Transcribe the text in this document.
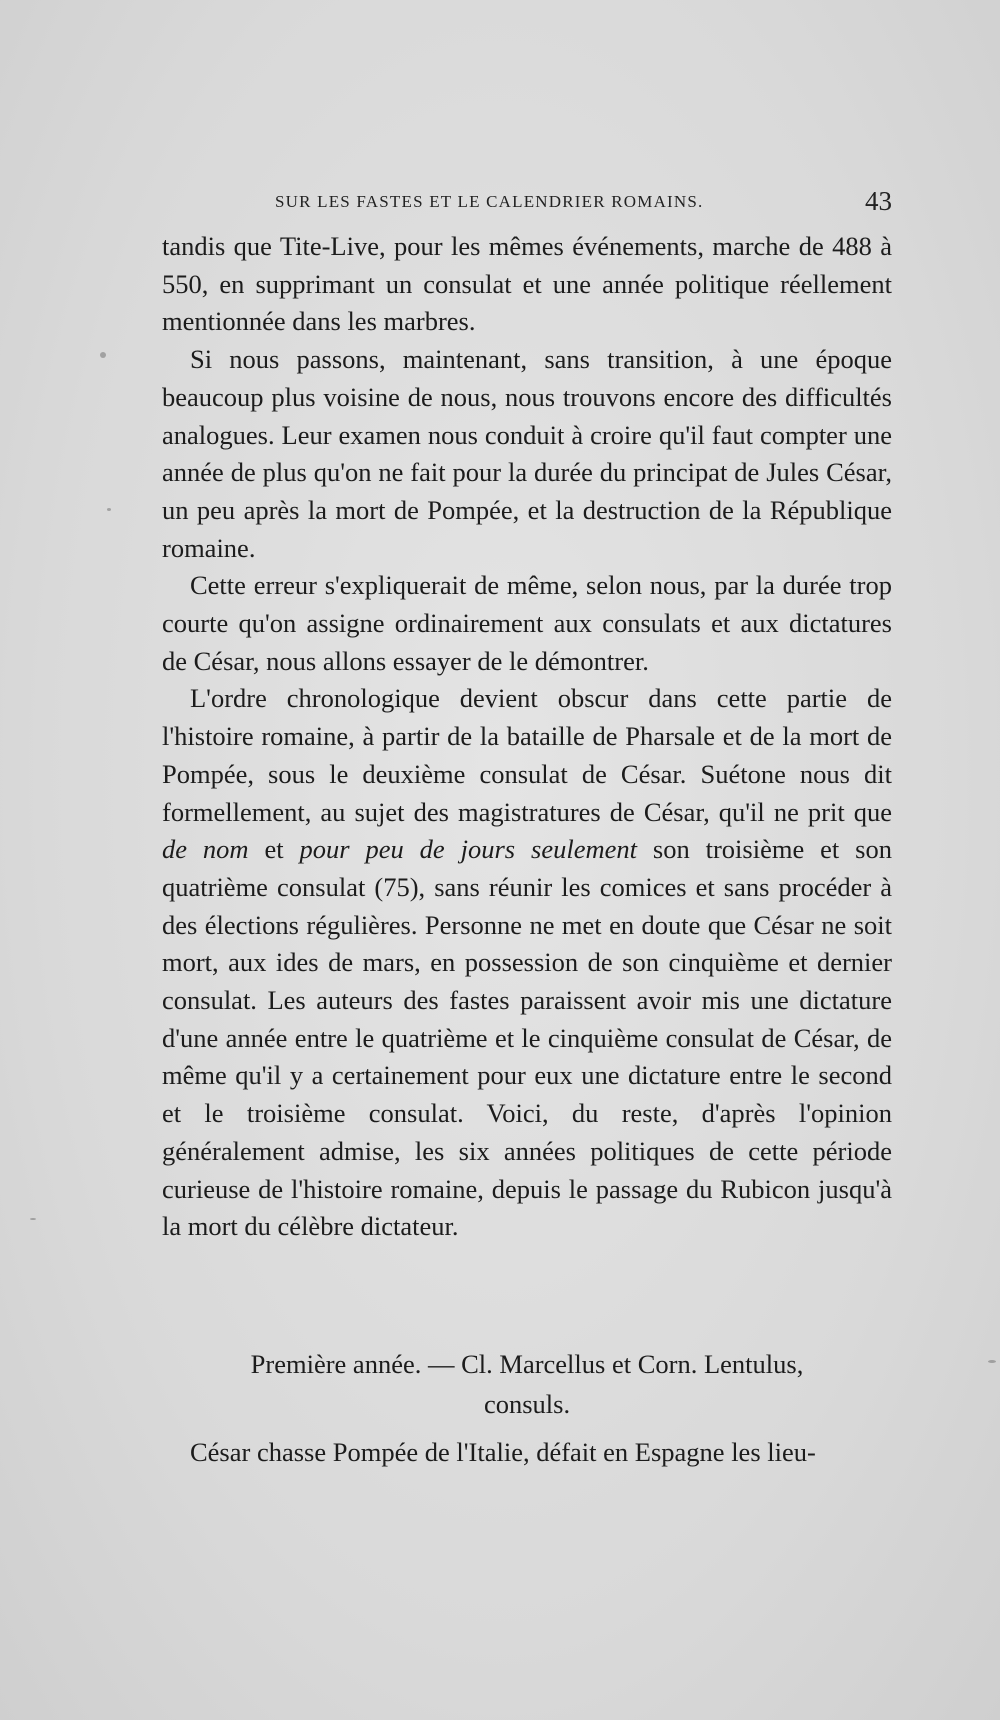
SUR LES FASTES ET LE CALENDRIER ROMAINS.	43

tandis que Tite-Live, pour les mêmes événements, marche de 488 à 550, en supprimant un consulat et une année politique réellement mentionnée dans les marbres.

Si nous passons, maintenant, sans transition, à une époque beaucoup plus voisine de nous, nous trouvons encore des difficultés analogues. Leur examen nous conduit à croire qu'il faut compter une année de plus qu'on ne fait pour la durée du principat de Jules César, un peu après la mort de Pompée, et la destruction de la République romaine.

Cette erreur s'expliquerait de même, selon nous, par la durée trop courte qu'on assigne ordinairement aux consulats et aux dictatures de César, nous allons essayer de le démontrer.

L'ordre chronologique devient obscur dans cette partie de l'histoire romaine, à partir de la bataille de Pharsale et de la mort de Pompée, sous le deuxième consulat de César. Suétone nous dit formellement, au sujet des magistratures de César, qu'il ne prit que de nom et pour peu de jours seulement son troisième et son quatrième consulat (75), sans réunir les comices et sans procéder à des élections régulières. Personne ne met en doute que César ne soit mort, aux ides de mars, en possession de son cinquième et dernier consulat. Les auteurs des fastes paraissent avoir mis une dictature d'une année entre le quatrième et le cinquième consulat de César, de même qu'il y a certainement pour eux une dictature entre le second et le troisième consulat. Voici, du reste, d'après l'opinion généralement admise, les six années politiques de cette période curieuse de l'histoire romaine, depuis le passage du Rubicon jusqu'à la mort du célèbre dictateur.

Première année. — Cl. Marcellus et Corn. Lentulus,
consuls.
César chasse Pompée de l'Italie, défait en Espagne les lieu-
